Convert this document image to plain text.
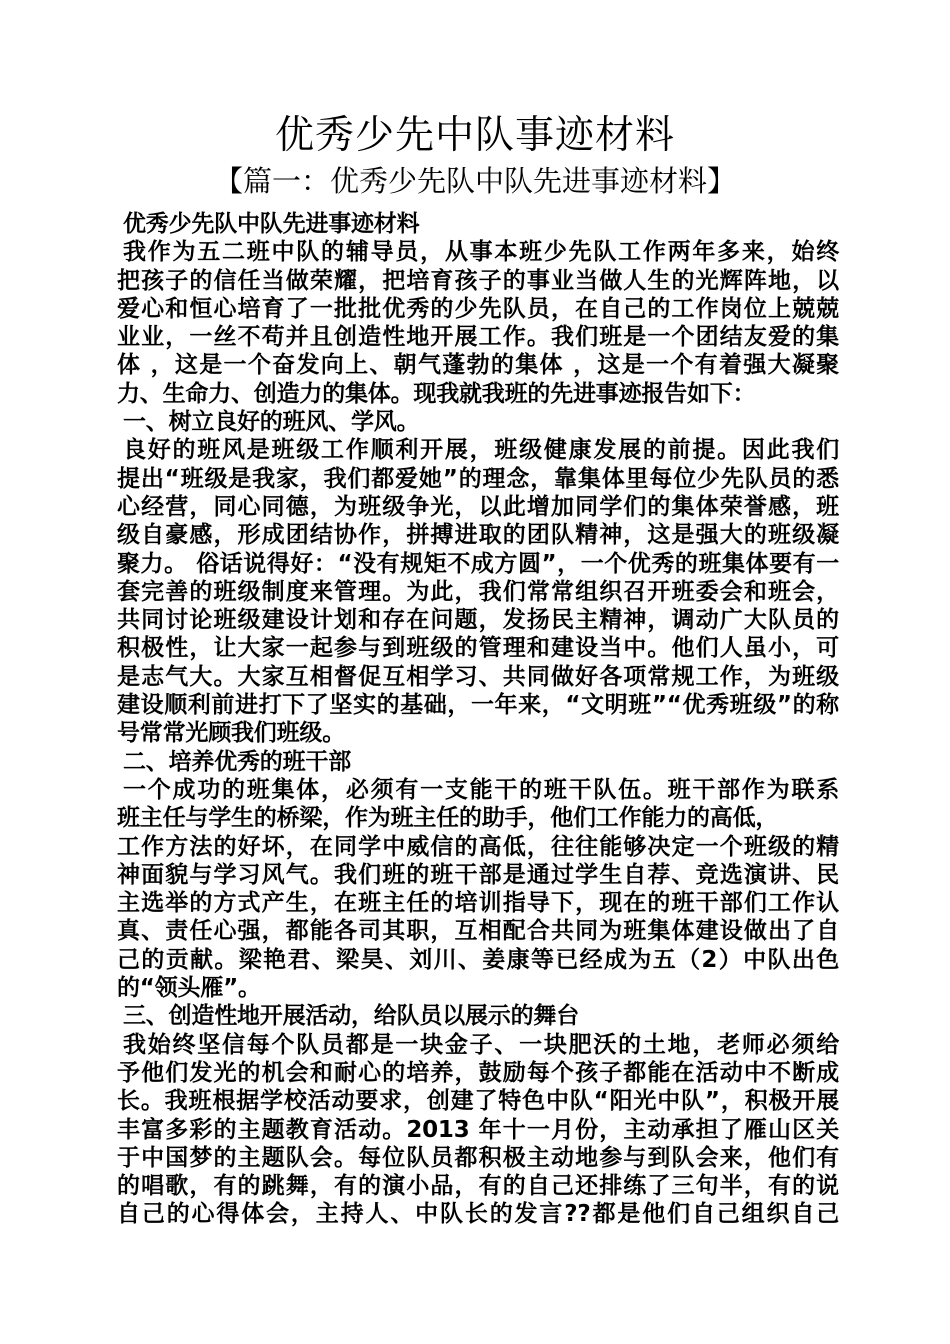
优秀少先中队事迹材料
【篇一：优秀少先队中队先进事迹材料】
优秀少先队中队先进事迹材料
我作为五二班中队的辅导员，从事本班少先队工作两年多来，始终
把孩子的信任当做荣耀，把培育孩子的事业当做人生的光辉阵地，以
爱心和恒心培育了一批批优秀的少先队员，在自己的工作岗位上兢兢
业业，一丝不苟并且创造性地开展工作。我们班是一个团结友爱的集
体 ，这是一个奋发向上、朝气蓬勃的集体 ，这是一个有着强大凝聚
力、生命力、创造力的集体。现我就我班的先进事迹报告如下：
一、树立良好的班风、学风。
良好的班风是班级工作顺利开展，班级健康发展的前提。因此我们
提出“班级是我家，我们都爱她”的理念，靠集体里每位少先队员的悉
心经营，同心同德，为班级争光，以此增加同学们的集体荣誉感，班
级自豪感，形成团结协作，拼搏进取的团队精神，这是强大的班级凝
聚力。 俗话说得好：“没有规矩不成方圆”，一个优秀的班集体要有一
套完善的班级制度来管理。为此，我们常常组织召开班委会和班会，
共同讨论班级建设计划和存在问题，发扬民主精神，调动广大队员的
积极性，让大家一起参与到班级的管理和建设当中。他们人虽小，可
是志气大。大家互相督促互相学习、共同做好各项常规工作，为班级
建设顺利前进打下了坚实的基础，一年来，“文明班”“优秀班级”的称
号常常光顾我们班级。
二、培养优秀的班干部
一个成功的班集体，必须有一支能干的班干队伍。班干部作为联系
班主任与学生的桥梁，作为班主任的助手，他们工作能力的高低，
工作方法的好坏，在同学中威信的高低，往往能够决定一个班级的精
神面貌与学习风气。我们班的班干部是通过学生自荐、竞选演讲、民
主选举的方式产生，在班主任的培训指导下，现在的班干部们工作认
真、责任心强，都能各司其职，互相配合共同为班集体建设做出了自
己的贡献。梁艳君、梁昊、刘川、姜康等已经成为五（2）中队出色
的“领头雁”。
三、创造性地开展活动，给队员以展示的舞台
我始终坚信每个队员都是一块金子、一块肥沃的土地，老师必须给
予他们发光的机会和耐心的培养，鼓励每个孩子都能在活动中不断成
长。我班根据学校活动要求，创建了特色中队“阳光中队”，积极开展
丰富多彩的主题教育活动。2013 年十一月份，主动承担了雁山区关
于中国梦的主题队会。每位队员都积极主动地参与到队会来，他们有
的唱歌，有的跳舞，有的演小品，有的自己还排练了三句半，有的说
自己的心得体会，主持人、中队长的发言??都是他们自己组织自己
